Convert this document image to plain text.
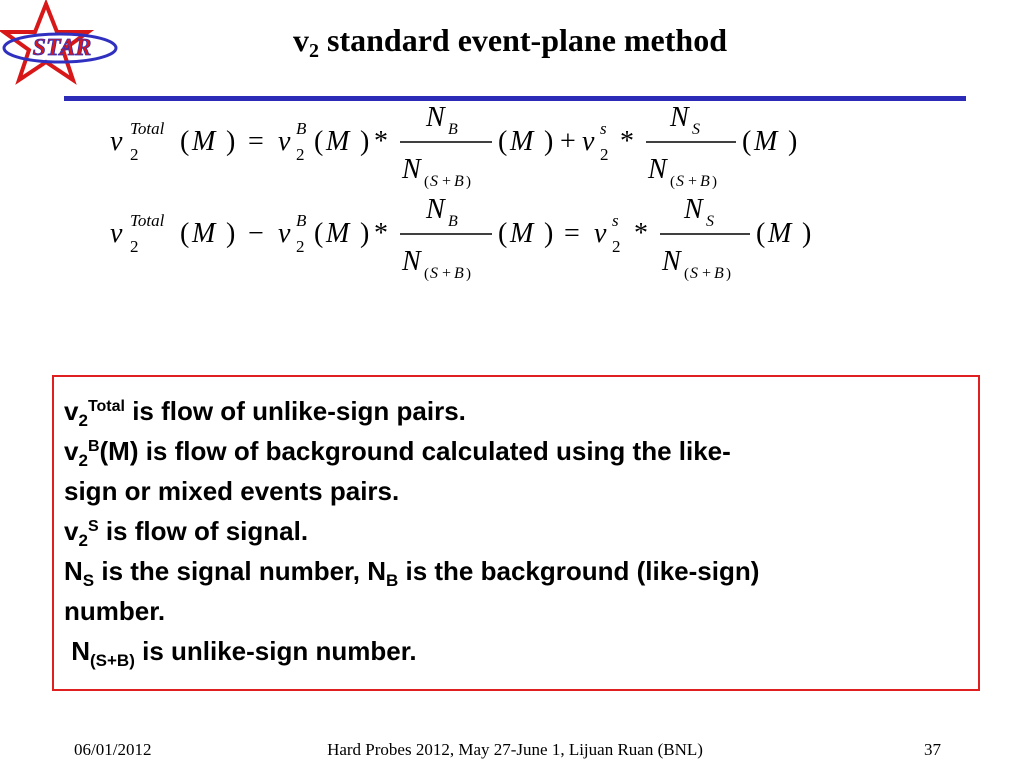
STAR	$v_2$ standard event-plane method
v Total
2 ( M ) = v B
2 ( M ) *
N B
N ( S + B )
( M ) + v s
2 *
N S
N ( S + B )
( M )
v Total
2 ( M ) − v B
2 ( M ) *
N B
N ( S + B )
( M ) = v s
2 *
N S
N ( S + B )
( M )
$v_2^{Total}$ is flow of unlike-sign pairs.
$v_2^B(M)$ is flow of background calculated using the like-
sign or mixed events pairs.
$v_2^S$ is flow of signal.
$N_S$ is the signal number, $N_B$ is the background (like-sign)
number.
$N_{(S+B)}$ is unlike-sign number.
06/01/2012	Hard Probes 2012, May 27-June 1, Lijuan Ruan (BNL)	37
